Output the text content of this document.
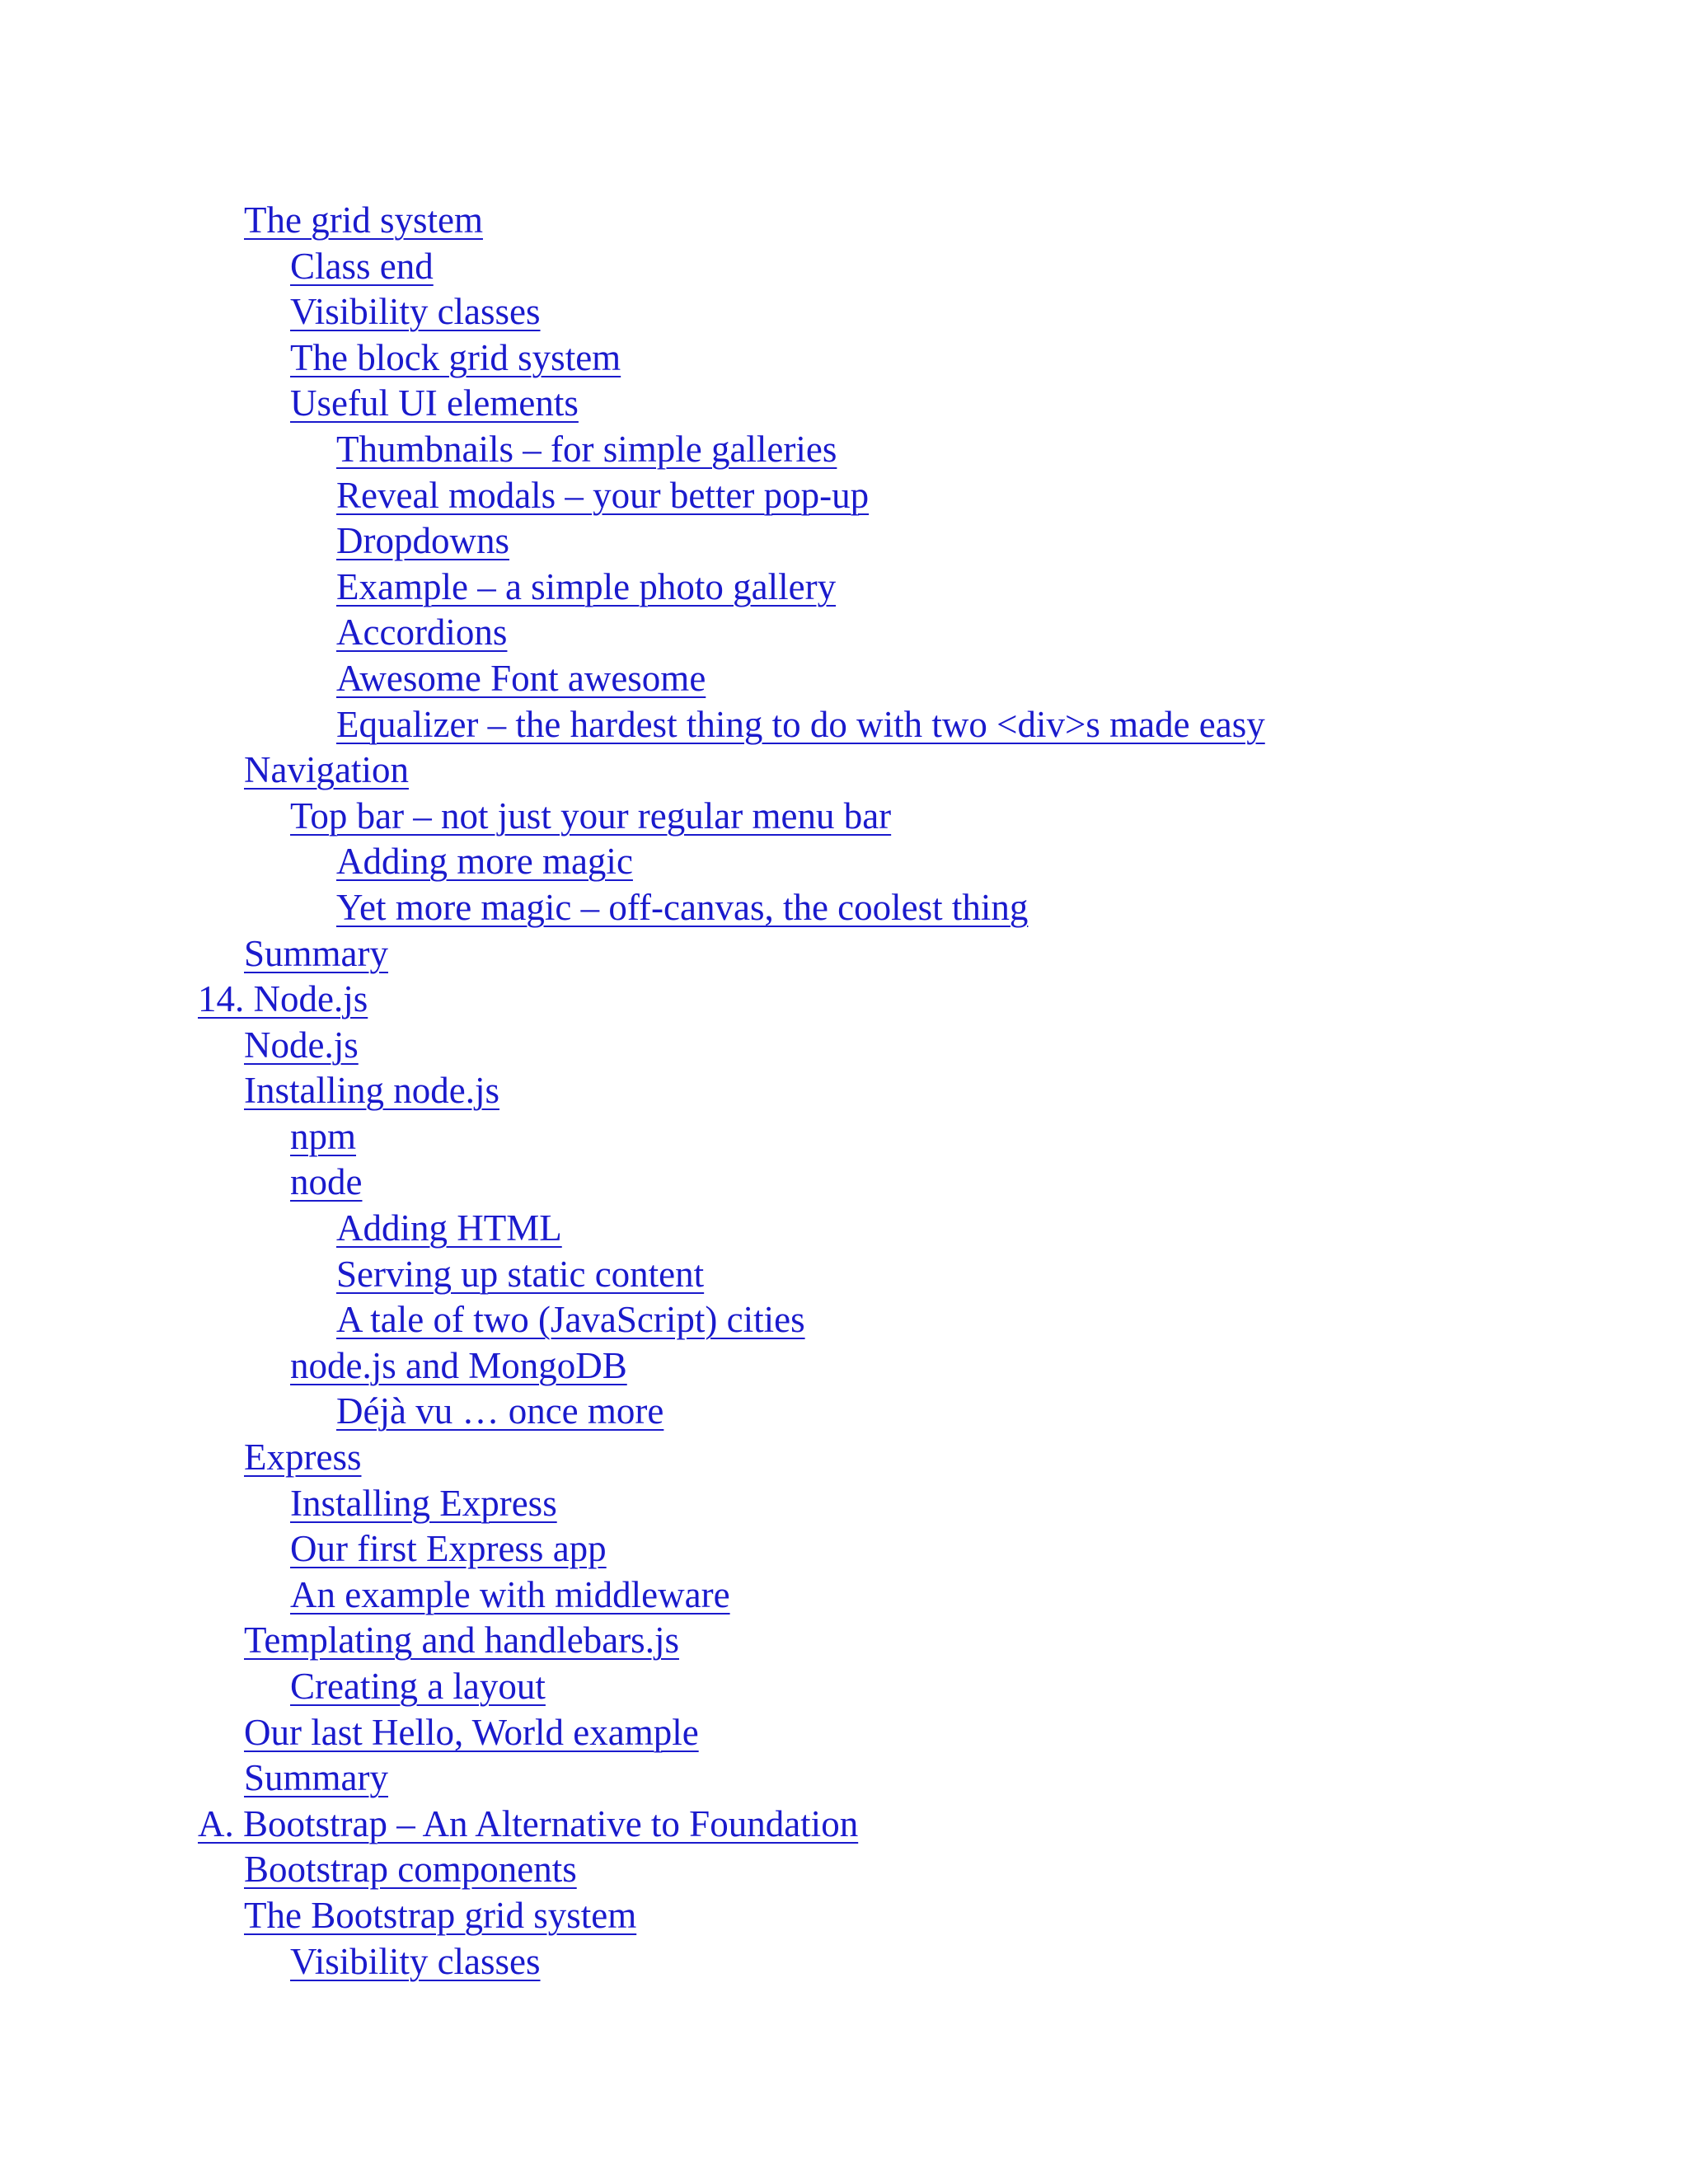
The grid system
Class end
Visibility classes
The block grid system
Useful UI elements
Thumbnails – for simple galleries
Reveal modals – your better pop-up
Dropdowns
Example – a simple photo gallery
Accordions
Awesome Font awesome
Equalizer – the hardest thing to do with two <div>s made easy
Navigation
Top bar – not just your regular menu bar
Adding more magic
Yet more magic – off-canvas, the coolest thing
Summary
14. Node.js
Node.js
Installing node.js
npm
node
Adding HTML
Serving up static content
A tale of two (JavaScript) cities
node.js and MongoDB
Déjà vu … once more
Express
Installing Express
Our first Express app
An example with middleware
Templating and handlebars.js
Creating a layout
Our last Hello, World example
Summary
A. Bootstrap – An Alternative to Foundation
Bootstrap components
The Bootstrap grid system
Visibility classes
